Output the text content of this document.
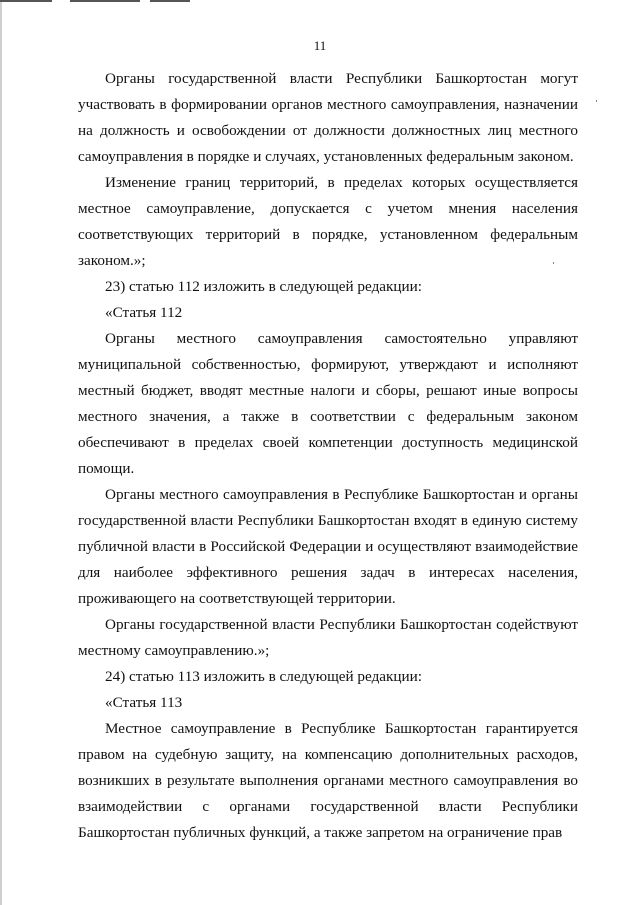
11

Органы государственной власти Республики Башкортостан могут участвовать в формировании органов местного самоуправления, назначении на должность и освобождении от должности должностных лиц местного самоуправления в порядке и случаях, установленных федеральным законом.

Изменение границ территорий, в пределах которых осуществляется местное самоуправление, допускается с учетом мнения населения соответствующих территорий в порядке, установленном федеральным законом.»;

23) статью 112 изложить в следующей редакции:

«Статья 112

Органы местного самоуправления самостоятельно управляют муниципальной собственностью, формируют, утверждают и исполняют местный бюджет, вводят местные налоги и сборы, решают иные вопросы местного значения, а также в соответствии с федеральным законом обеспечивают в пределах своей компетенции доступность медицинской помощи.

Органы местного самоуправления в Республике Башкортостан и органы государственной власти Республики Башкортостан входят в единую систему публичной власти в Российской Федерации и осуществляют взаимодействие для наиболее эффективного решения задач в интересах населения, проживающего на соответствующей территории.

Органы государственной власти Республики Башкортостан содействуют местному самоуправлению.»;

24) статью 113 изложить в следующей редакции:

«Статья 113

Местное самоуправление в Республике Башкортостан гарантируется правом на судебную защиту, на компенсацию дополнительных расходов, возникших в результате выполнения органами местного самоуправления во взаимодействии с органами государственной власти Республики Башкортостан публичных функций, а также запретом на ограничение прав
